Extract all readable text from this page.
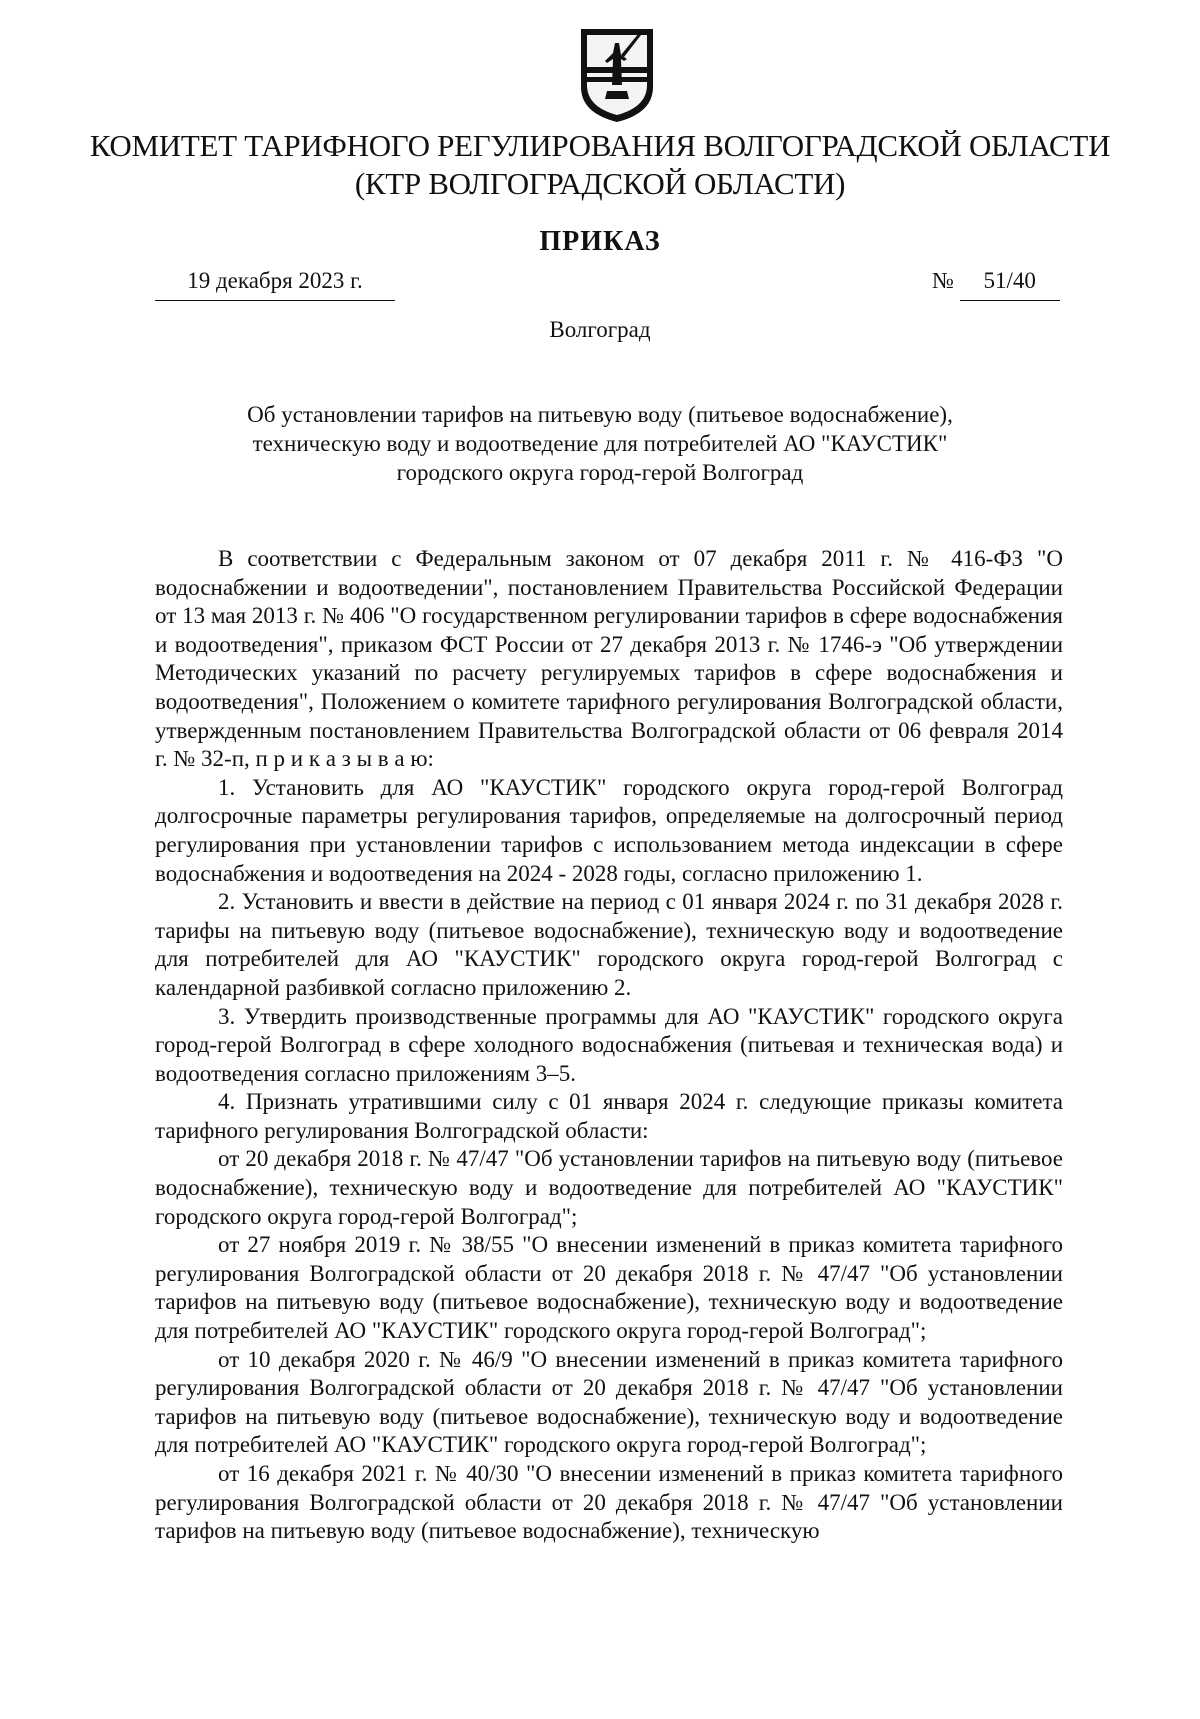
КОМИТЕТ ТАРИФНОГО РЕГУЛИРОВАНИЯ ВОЛГОГРАДСКОЙ ОБЛАСТИ
(КТР ВОЛГОГРАДСКОЙ ОБЛАСТИ)
ПРИКАЗ
19 декабря 2023 г.	№ 51/40
Волгоград
Об установлении тарифов на питьевую воду (питьевое водоснабжение),
техническую воду и водоотведение для потребителей АО "КАУСТИК"
городского округа город-герой Волгоград

В соответствии с Федеральным законом от 07 декабря 2011 г. № 416-ФЗ "О водоснабжении и водоотведении", постановлением Правительства Российской Федерации от 13 мая 2013 г. № 406 "О государственном регулировании тарифов в сфере водоснабжения и водоотведения", приказом ФСТ России от 27 декабря 2013 г. № 1746-э "Об утверждении Методических указаний по расчету регулируемых тарифов в сфере водоснабжения и водоотведения", Положением о комитете тарифного регулирования Волгоградской области, утвержденным постановлением Правительства Волгоградской области от 06 февраля 2014 г. № 32-п, п р и к а з ы в а ю:

1. Установить для АО "КАУСТИК" городского округа город-герой Волгоград долгосрочные параметры регулирования тарифов, определяемые на долгосрочный период регулирования при установлении тарифов с использованием метода индексации в сфере водоснабжения и водоотведения на 2024 - 2028 годы, согласно приложению 1.

2. Установить и ввести в действие на период с 01 января 2024 г. по 31 декабря 2028 г. тарифы на питьевую воду (питьевое водоснабжение), техническую воду и водоотведение для потребителей для АО "КАУСТИК" городского округа город-герой Волгоград с календарной разбивкой согласно приложению 2.

3. Утвердить производственные программы для АО "КАУСТИК" городского округа город-герой Волгоград в сфере холодного водоснабжения (питьевая и техническая вода) и водоотведения согласно приложениям 3–5.

4. Признать утратившими силу с 01 января 2024 г. следующие приказы комитета тарифного регулирования Волгоградской области:

от 20 декабря 2018 г. № 47/47 "Об установлении тарифов на питьевую воду (питьевое водоснабжение), техническую воду и водоотведение для потребителей АО "КАУСТИК" городского округа город-герой Волгоград";

от 27 ноября 2019 г. № 38/55 "О внесении изменений в приказ комитета тарифного регулирования Волгоградской области от 20 декабря 2018 г. № 47/47 "Об установлении тарифов на питьевую воду (питьевое водоснабжение), техническую воду и водоотведение для потребителей АО "КАУСТИК" городского округа город-герой Волгоград";

от 10 декабря 2020 г. № 46/9 "О внесении изменений в приказ комитета тарифного регулирования Волгоградской области от 20 декабря 2018 г. № 47/47 "Об установлении тарифов на питьевую воду (питьевое водоснабжение), техническую воду и водоотведение для потребителей АО "КАУСТИК" городского округа город-герой Волгоград";

от 16 декабря 2021 г. № 40/30 "О внесении изменений в приказ комитета тарифного регулирования Волгоградской области от 20 декабря 2018 г. № 47/47 "Об установлении тарифов на питьевую воду (питьевое водоснабжение), техническую
